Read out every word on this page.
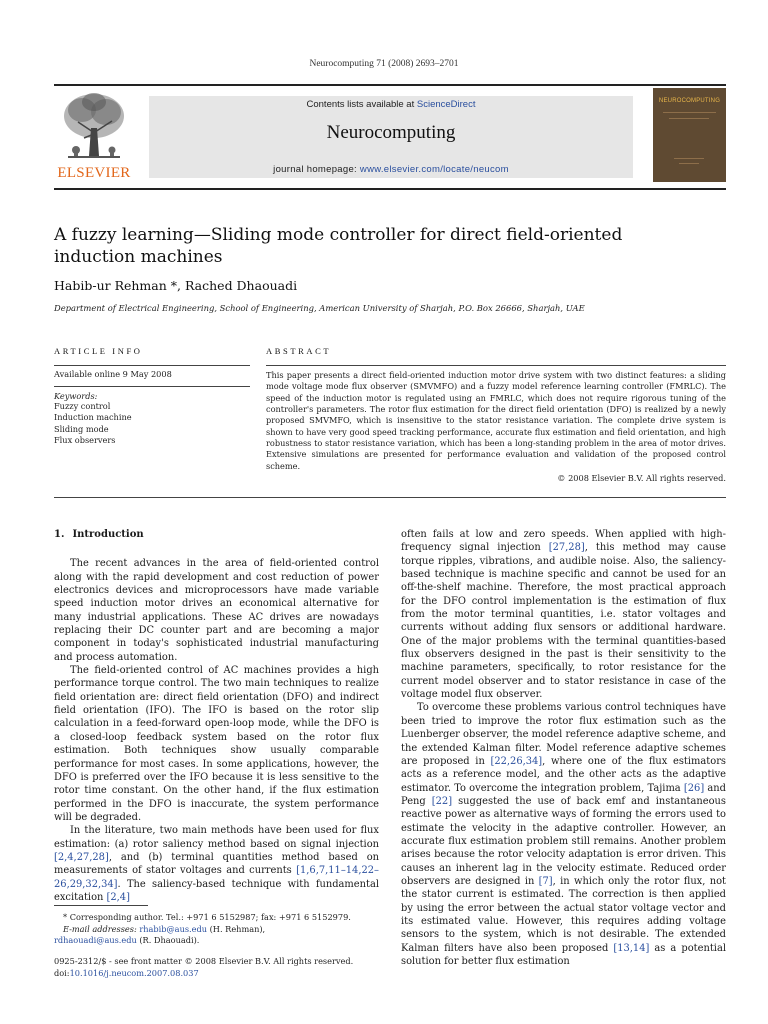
Neurocomputing 71 (2008) 2693–2701
ELSEVIER
Contents lists available at ScienceDirect
Neurocomputing
journal homepage: www.elsevier.com/locate/neucom
NEUROCOMPUTING
A fuzzy learning—Sliding mode controller for direct field-oriented induction machines
Habib-ur Rehman *, Rached Dhaouadi
Department of Electrical Engineering, School of Engineering, American University of Sharjah, P.O. Box 26666, Sharjah, UAE
ARTICLE INFO	ABSTRACT
Available online 9 May 2008
Keywords:
Fuzzy control
Induction machine
Sliding mode
Flux observers
This paper presents a direct field-oriented induction motor drive system with two distinct features: a sliding mode voltage mode flux observer (SMVMFO) and a fuzzy model reference learning controller (FMRLC). The speed of the induction motor is regulated using an FMRLC, which does not require rigorous tuning of the controller's parameters. The rotor flux estimation for the direct field orientation (DFO) is realized by a newly proposed SMVMFO, which is insensitive to the stator resistance variation. The complete drive system is shown to have very good speed tracking performance, accurate flux estimation and field orientation, and high robustness to stator resistance variation, which has been a long-standing problem in the area of motor drives. Extensive simulations are presented for performance evaluation and validation of the proposed control scheme.
© 2008 Elsevier B.V. All rights reserved.
1. Introduction

The recent advances in the area of field-oriented control along with the rapid development and cost reduction of power electronics devices and microprocessors have made variable speed induction motor drives an economical alternative for many industrial applications. These AC drives are nowadays replacing their DC counter part and are becoming a major component in today's sophisticated industrial manufacturing and process automation.

The field-oriented control of AC machines provides a high performance torque control. The two main techniques to realize field orientation are: direct field orientation (DFO) and indirect field orientation (IFO). The IFO is based on the rotor slip calculation in a feed-forward open-loop mode, while the DFO is a closed-loop feedback system based on the rotor flux estimation. Both techniques show usually comparable performance for most cases. In some applications, however, the DFO is preferred over the IFO because it is less sensitive to the rotor time constant. On the other hand, if the flux estimation performed in the DFO is inaccurate, the system performance will be degraded.

In the literature, two main methods have been used for flux estimation: (a) rotor saliency method based on signal injection [2,4,27,28], and (b) terminal quantities method based on measurements of stator voltages and currents [1,6,7,11–14,22–26,29,32,34]. The saliency-based technique with fundamental excitation [2,4]

often fails at low and zero speeds. When applied with high-frequency signal injection [27,28], this method may cause torque ripples, vibrations, and audible noise. Also, the saliency-based technique is machine specific and cannot be used for an off-the-shelf machine. Therefore, the most practical approach for the DFO control implementation is the estimation of flux from the motor terminal quantities, i.e. stator voltages and currents without adding flux sensors or additional hardware. One of the major problems with the terminal quantities-based flux observers designed in the past is their sensitivity to the machine parameters, specifically, to rotor resistance for the current model observer and to stator resistance in case of the voltage model flux observer.

To overcome these problems various control techniques have been tried to improve the rotor flux estimation such as the Luenberger observer, the model reference adaptive scheme, and the extended Kalman filter. Model reference adaptive schemes are proposed in [22,26,34], where one of the flux estimators acts as a reference model, and the other acts as the adaptive estimator. To overcome the integration problem, Tajima [26] and Peng [22] suggested the use of back emf and instantaneous reactive power as alternative ways of forming the errors used to estimate the velocity in the adaptive controller. However, an accurate flux estimation problem still remains. Another problem arises because the rotor velocity adaptation is error driven. This causes an inherent lag in the velocity estimate. Reduced order observers are designed in [7], in which only the rotor flux, not the stator current is estimated. The correction is then applied by using the error between the actual stator voltage vector and its estimated value. However, this requires adding voltage sensors to the system, which is not desirable. The extended Kalman filters have also been proposed [13,14] as a potential solution for better flux estimation

* Corresponding author. Tel.: +971 6 5152987; fax: +971 6 5152979.
E-mail addresses: rhabib@aus.edu (H. Rehman),
rdhaouadi@aus.edu (R. Dhaouadi).
0925-2312/$ - see front matter © 2008 Elsevier B.V. All rights reserved.
doi:10.1016/j.neucom.2007.08.037
